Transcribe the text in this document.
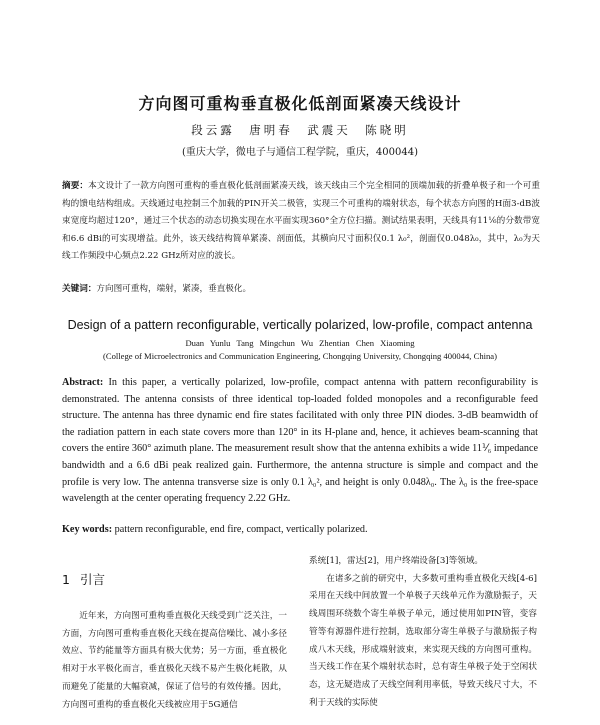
方向图可重构垂直极化低剖面紧凑天线设计
段云露　唐明春　武震天　陈晓明
(重庆大学，微电子与通信工程学院，重庆，400044)
摘要：本文设计了一款方向图可重构的垂直极化低剖面紧凑天线，该天线由三个完全相同的顶端加载的折叠单极子和一个可重构的馈电结构组成。天线通过电控制三个加载的PIN开关二极管，实现三个可重构的端射状态，每个状态方向图的H面3-dB波束宽度均超过120°，通过三个状态的动态切换实现在水平面实现360°全方位扫描。测试结果表明，天线具有11⅟₆的分数带宽和6.6 dBi的可实现增益。此外，该天线结构简单紧凑、剖面低，其横向尺寸面积仅0.1 λ₀²，剖面仅0.048λ₀，其中，λ₀为天线工作频段中心频点2.22 GHz所对应的波长。
关键词：方向图可重构，端射，紧凑，垂直极化。
Design of a pattern reconfigurable, vertically polarized, low-profile, compact antenna
Duan Yunlu Tang Mingchun Wu Zhentian Chen Xiaoming
(College of Microelectronics and Communication Engineering, Chongqing University, Chongqing 400044, China)
Abstract: In this paper, a vertically polarized, low-profile, compact antenna with pattern reconfigurability is demonstrated. The antenna consists of three identical top-loaded folded monopoles and a reconfigurable feed structure. The antenna has three dynamic end fire states facilitated with only three PIN diodes. 3-dB beamwidth of the radiation pattern in each state covers more than 120° in its H-plane and, hence, it achieves beam-scanning that covers the entire 360° azimuth plane. The measurement result show that the antenna exhibits a wide 11⅟₆ impedance bandwidth and a 6.6 dBi peak realized gain. Furthermore, the antenna structure is simple and compact and the profile is very low. The antenna transverse size is only 0.1 λ₀², and height is only 0.048λ₀. The λ₀ is the free-space wavelength at the center operating frequency 2.22 GHz.
Key words: pattern reconfigurable, end fire, compact, vertically polarized.
1 引言

近年来，方向图可重构垂直极化天线受到广泛关注，一方面，方向图可重构垂直极化天线在提高信噪比、减小多径效应、节约能量等方面具有极大优势；另一方面，垂直极化相对于水平极化而言，垂直极化天线不易产生极化耗散，从而避免了能量的大幅衰减，保证了信号的有效传播。因此，方向图可重构的垂直极化天线被应用于5G通信

系统[1]，雷达[2]，用户终端设备[3]等领域。

在诸多之前的研究中，大多数可重构垂直极化天线[4-6]采用在天线中间放置一个单极子天线单元作为激励振子，天线周围环绕数个寄生单极子单元，通过使用如PIN管，变容管等有源器件进行控制，选取部分寄生单极子与激励振子构成八木天线，形成端射波束，来实现天线的方向图可重构。当天线工作在某个端射状态时，总有寄生单极子处于空闲状态，这无疑造成了天线空间利用率低，导致天线尺寸大，不利于天线的实际使
